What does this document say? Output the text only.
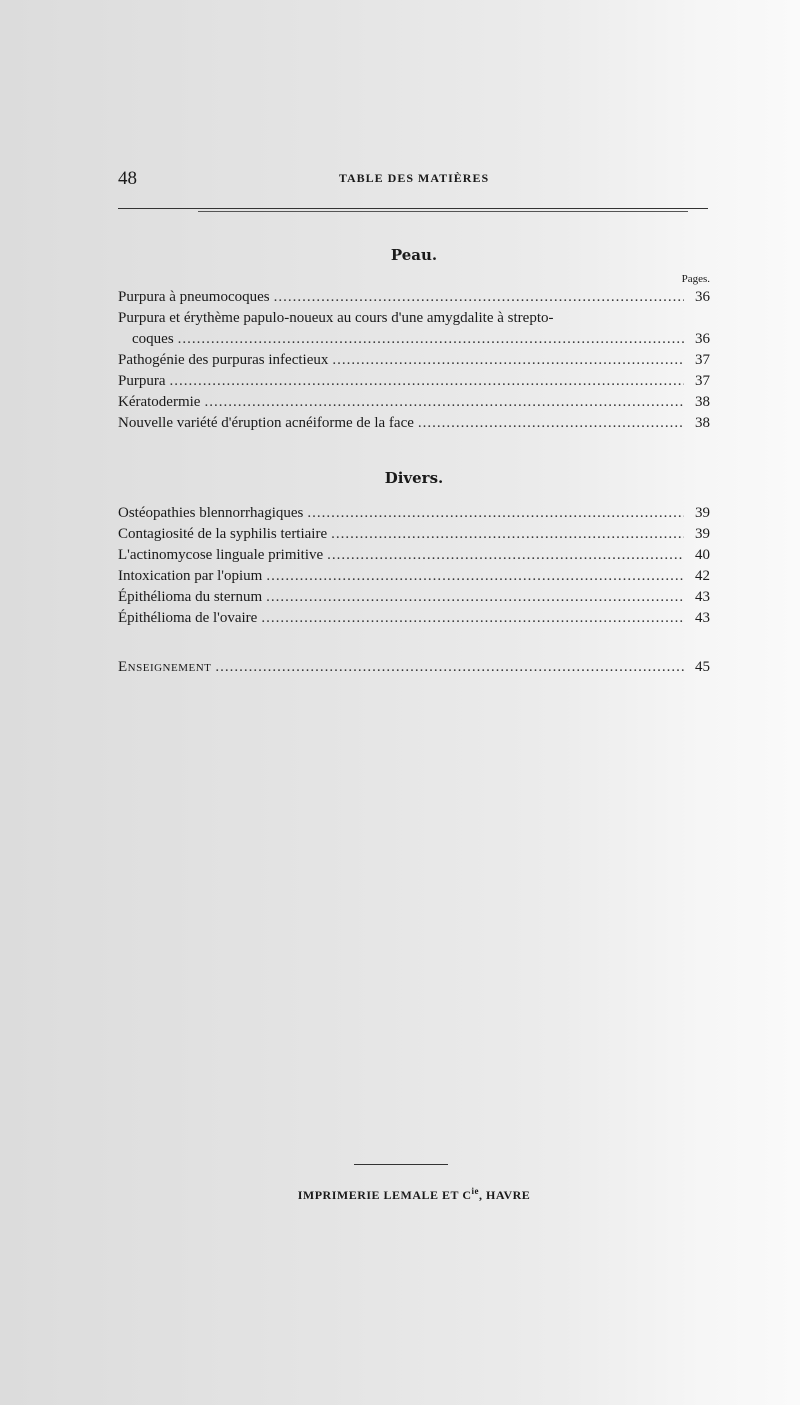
48	TABLE DES MATIÈRES
Peau.
Pages.
Purpura à pneumocoques .....	36
Purpura et érythème papulo-noueux au cours d'une amygdalite à strepto-
coques .....	36
Pathogénie des purpuras infectieux .....	37
Purpura .....	37
Kératodermie .....	38
Nouvelle variété d'éruption acnéiforme de la face .....	38
Divers.
Ostéopathies blennorrhagiques .....	39
Contagiosité de la syphilis tertiaire .....	39
L'actinomycose linguale primitive .....	40
Intoxication par l'opium .....	42
Épithélioma du sternum .....	43
Épithélioma de l'ovaire .....	43
Enseignement .....	45
IMPRIMERIE LEMALE ET $C^{ie}$, HAVRE
